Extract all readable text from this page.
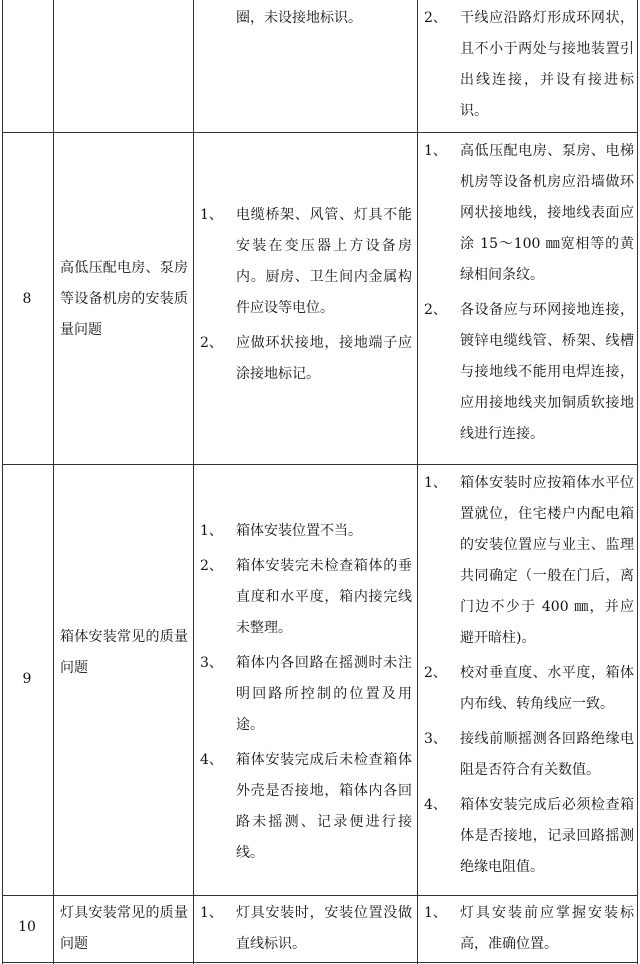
圈，未设接地标识。	2、 干线应沿路灯形成环网状，且不小于两处与接地装置引出线连接，并设有接进标识。
8
高低压配电房、泵房等设备机房的安装质量问题
1、 电缆桥架、风管、灯具不能安装在变压器上方设备房内。厨房、卫生间内金属构件应设等电位。
2、 应做环状接地，接地端子应涂接地标记。
1、 高低压配电房、泵房、电梯机房等设备机房应沿墙做环网状接地线，接地线表面应涂 15～100 ㎜宽相等的黄绿相间条纹。
2、 各设备应与环网接地连接，镀锌电缆线管、桥架、线槽与接地线不能用电焊连接，应用接地线夹加铜质软接地线进行连接。
9
箱体安装常见的质量问题
1、 箱体安装位置不当。
2、 箱体安装完未检查箱体的垂直度和水平度，箱内接完线未整理。
3、 箱体内各回路在摇测时未注明回路所控制的位置及用途。
4、 箱体安装完成后未检查箱体外壳是否接地，箱体内各回路未摇测、记录便进行接线。
1、 箱体安装时应按箱体水平位置就位，住宅楼户内配电箱的安装位置应与业主、监理共同确定（一般在门后，离门边不少于 400 ㎜，并应避开暗柱)。
2、 校对垂直度、水平度，箱体内布线、转角线应一致。
3、 接线前顺摇测各回路绝缘电阻是否符合有关数值。
4、 箱体安装完成后必须检查箱体是否接地，记录回路摇测绝缘电阻值。
10
灯具安装常见的质量问题
1、 灯具安装时，安装位置没做直线标识。
1、 灯具安装前应掌握安装标高，准确位置。
